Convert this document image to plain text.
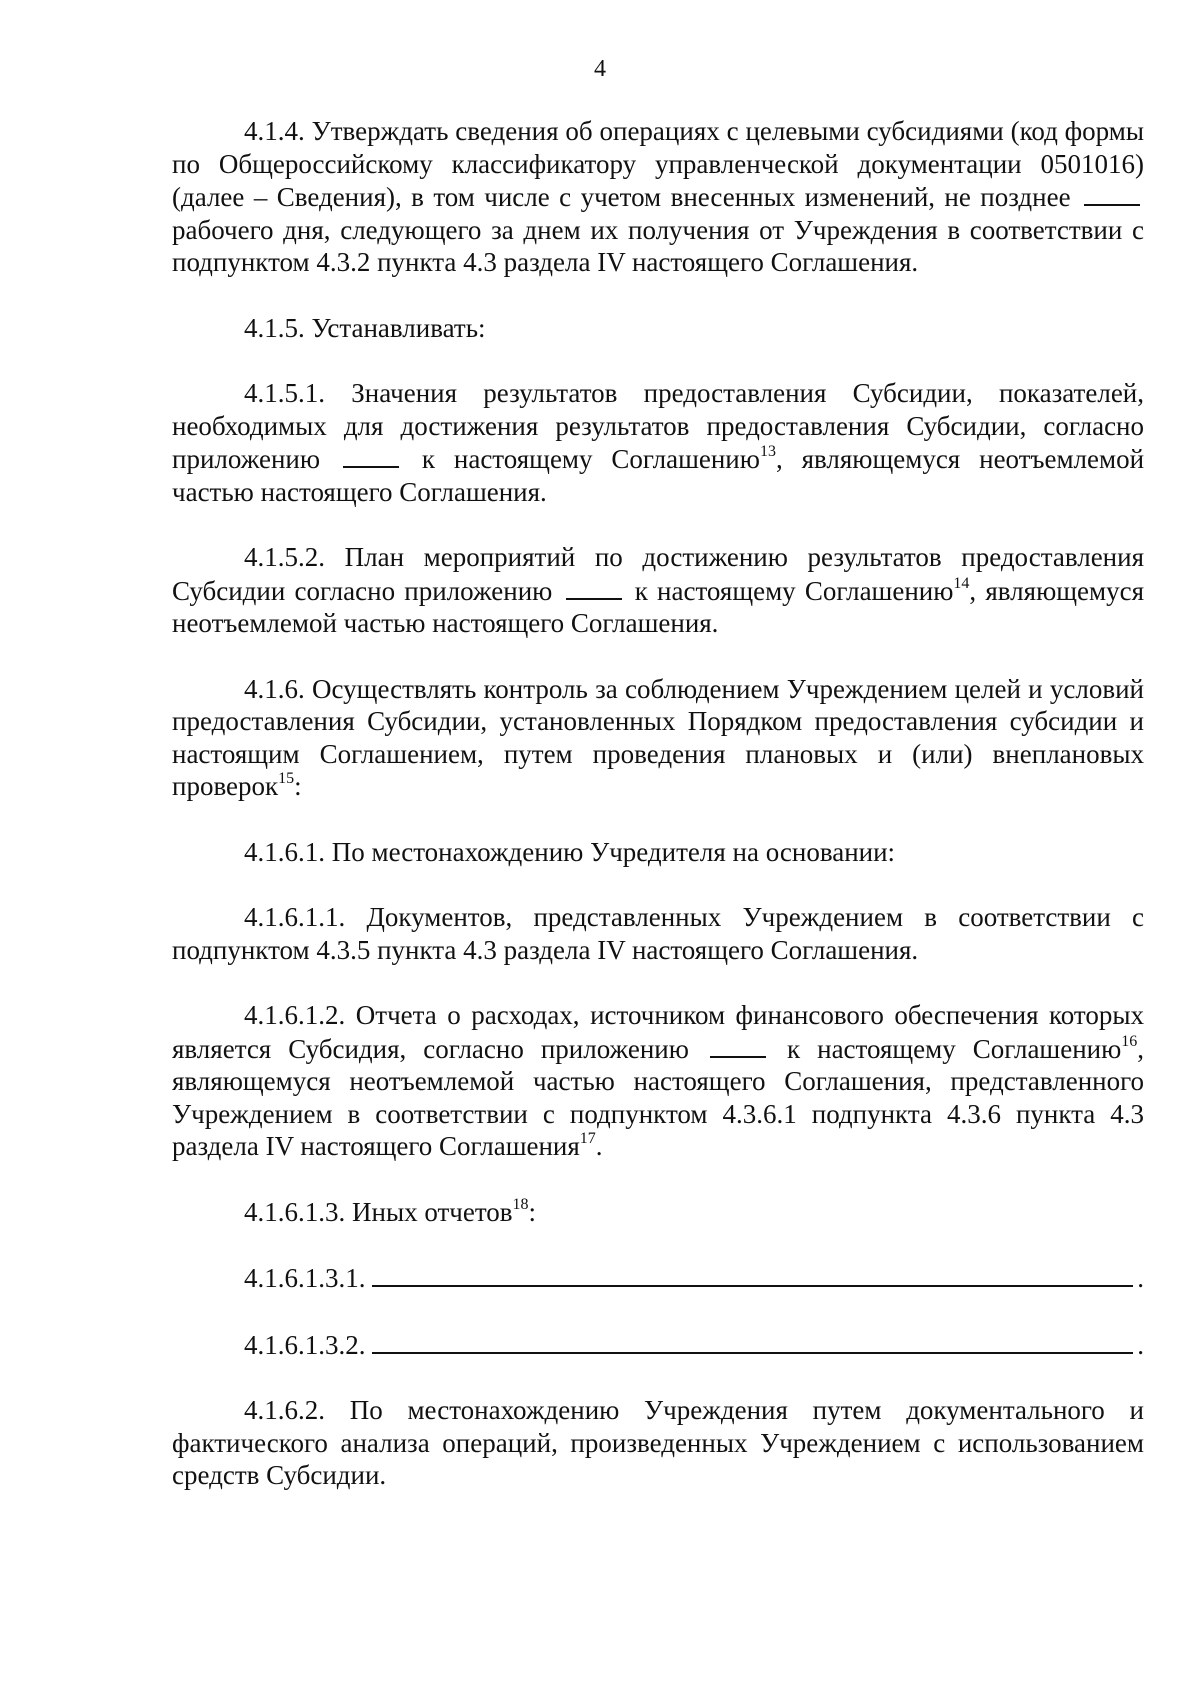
4

4.1.4. Утверждать сведения об операциях с целевыми субсидиями (код формы по Общероссийскому классификатору управленческой документации 0501016) (далее – Сведения), в том числе с учетом внесенных изменений, не позднее  рабочего дня, следующего за днем их получения от Учреждения в соответствии с подпунктом 4.3.2 пункта 4.3 раздела IV настоящего Соглашения.

4.1.5. Устанавливать:

4.1.5.1. Значения результатов предоставления Субсидии, показателей, необходимых для достижения результатов предоставления Субсидии, согласно приложению	к настоящему Соглашению$^{13}$, являющемуся неотъемлемой частью настоящего Соглашения.

4.1.5.2. План мероприятий по достижению результатов предоставления Субсидии согласно приложению	к настоящему Соглашению$^{14}$, являющемуся неотъемлемой частью настоящего Соглашения.

4.1.6. Осуществлять контроль за соблюдением Учреждением целей и условий предоставления Субсидии, установленных Порядком предоставления субсидии и настоящим Соглашением, путем проведения плановых и (или) внеплановых проверок$^{15}$:

4.1.6.1. По местонахождению Учредителя на основании:

4.1.6.1.1. Документов, представленных Учреждением в соответствии с подпунктом 4.3.5 пункта 4.3 раздела IV настоящего Соглашения.

4.1.6.1.2. Отчета о расходах, источником финансового обеспечения которых является Субсидия, согласно приложению	к настоящему Соглашению$^{16}$, являющемуся неотъемлемой частью настоящего Соглашения, представленного Учреждением в соответствии с подпунктом 4.3.6.1 подпункта 4.3.6 пункта 4.3 раздела IV настоящего Соглашения$^{17}$.

4.1.6.1.3. Иных отчетов$^{18}$:

4.1.6.1.3.1.	.
4.1.6.1.3.2.	.

4.1.6.2. По местонахождению Учреждения путем документального и фактического анализа операций, произведенных Учреждением с использованием средств Субсидии.
